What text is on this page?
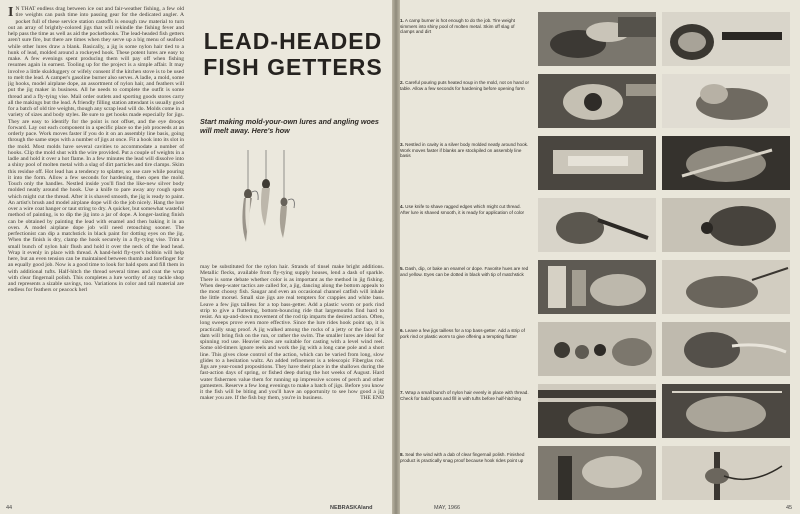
I N THAT endless drag between ice out and fair-weather fishing, a few old tire weights can push time into passing gear for the dedicated angler. A pocket full of these service station castoffs is enough raw material to turn out an array of brightly-colored jigs that will rekindle the fishing fever and help pass the time as well as aid the pocketbooks. The lead-headed fish getters aren't sure fire, but there are times when they serve up a big menu of seafood while other lures draw a blank. Basically, a jig is some nylon hair tied to a hunk of lead, molded around a rockeyed hook. These potent lures are easy to make. A few evenings spent producing them will pay off when fishing resumes again in earnest. Tooling up for the project is a simple affair. It may involve a little skulduggery or wifely consent if the kitchen stove is to be used to melt the lead. A camper's gasoline burner also serves. A ladle, a mold, some jig hooks, model airplane dope, an assortment of nylon hair, and feathers will put the jig maker in business. All he needs to complete the outfit is some thread and a fly-tying vise. Mail order outlets and sporting goods stores carry all the makings but the lead. A friendly filling station attendant is usually good for a batch of old tire weights, though any scrap lead will do. Molds come in a variety of sizes and body styles. Be sure to get hooks made especially for jigs. They are easy to identify for the point is not offset, and the eye droops forward. Lay out each component in a specific place so the job proceeds at an orderly pace. Work moves faster if you do it on an assembly line basis, going through the same steps with a number of jigs at once. Fit a hook into its slot in the mold. Most molds have several cavities to accommodate a number of hooks. Clip the mold shut with the wire provided. Put a couple of weights in a ladle and hold it over a hot flame. In a few minutes the lead will dissolve into a shiny pool of molten metal with a slag of dirt particles and tire clamps. Skim this residue off. Hot lead has a tendency to splatter, so use care while pouring it into the form. Allow a few seconds for hardening, then open the mold. Touch only the handles. Nestled inside you'll find the like-new silver body molded neatly around the hook. Use a knife to pare away any rough spots which might cut the thread. After it is shaved smooth, the jig is ready to paint. An artist's brush and model airplane dope will do the job nicely. Hang the lure over a wire coat hanger or taut string to dry. A quicker, but somewhat wasteful method of painting, is to dip the jig into a jar of dope. A longer-lasting finish can be obtained by painting the lead with enamel and then baking it in an oven. A model airplane dope job will need retouching sooner. The perfectionist can dip a matchstick in black paint for dotting eyes on the jig. When the finish is dry, clamp the hook securely in a fly-tying vise. Trim a small bunch of nylon hair flush and hold it over the neck of the lead head. Wrap it evenly in place with thread. A hand-held fly-tyer's bobbin will help here, but an even tension can be maintained between thumb and forefinger for an equally good job. Now is a good time to look for bald spots and fill them in with additional tufts. Half-hitch the thread several times and coat the wrap with clear fingernail polish. This completes a lure worthy of any tackle shop and represents a sizable savings, too. Variations in color and tail material are endless for feathers or peacock herl
LEAD-HEADED FISH GETTERS

Start making mold-your-own lures and angling woes will melt away. Here's how

may be substituted for the nylon hair. Strands of tinsel make bright additions. Metallic flecks, available from fly-tying supply houses, lend a dash of sparkle. There is some debate whether color is as important as the method in jig fishing. When deep-water tactics are called for, a jig, dancing along the bottom appeals to the most choosy fish. Saugar and even an occasional channel catfish will inhale the little morsel. Small size jigs are real tempters for crappies and white bass. Leave a few jigs tailless for a top bass-getter. Add a plastic worm or pork rind strip to give a fluttering, bottom-bouncing ride that largemouths find hard to resist. An up-and-down movement of the rod tip imparts the desired action. Often, long sweeps prove even more effective. Since the lure rides hook point up, it is practically snag proof. A jig walked among the rocks of a jetty or the face of a dam will bring fish on the run, or rather the swim. The smaller lures are ideal for spinning rod use. Heavier sizes are suitable for casting with a level wind reel. Some old-timers ignore reels and work the jig with a long cane pole and a short line. This gives close control of the action, which can be varied from long, slow glides to a hesitation waltz. An added refinement is a telescopic Fiberglas rod. Jigs are year-round propositions. They have their place in the shallows during the fast-action days of spring, or fished deep during the hot weeks of August. Hard water fishermen value them for running up impressive scores of perch and other gamesters. Reserve a few long evenings to make a batch of jigs. Before you know it the fish will be biting and you'll have an opportunity to see how good a jig maker you are. If the fish buy them, you're in business.	THE END
44	NEBRASKAland

1. A camp burner is hot enough to do the job. Tire weight simmers into shiny pool of molten metal. Skim off slag of clamps and dirt

2. Careful pouring puts heated soup in the mold, not on hand or table. Allow a few seconds for hardening before opening form

3. Nestled in cavity is a silver body molded neatly around hook. Work moves faster if blanks are stockpiled on assembly line basis

4. Use knife to shave ragged edges which might cut thread. After lure is shaved smooth, it is ready for application of color

5. Dash, dip, or bake an enamel or dope. Favorite hues are red and yellow. Eyes can be dotted in black with tip of matchstick

6. Leave a few jigs tailless for a top bass-getter. Add a strip of pork rind or plastic worm to give offering a tempting flutter

7. Wrap a small bunch of nylon hair evenly in place with thread. Check for bald spots and fill in with tufts before half-hitching

8. Seal the wind with a dab of clear fingernail polish. Finished product is practically snag proof because hook rides point up

MAY, 1966	45
